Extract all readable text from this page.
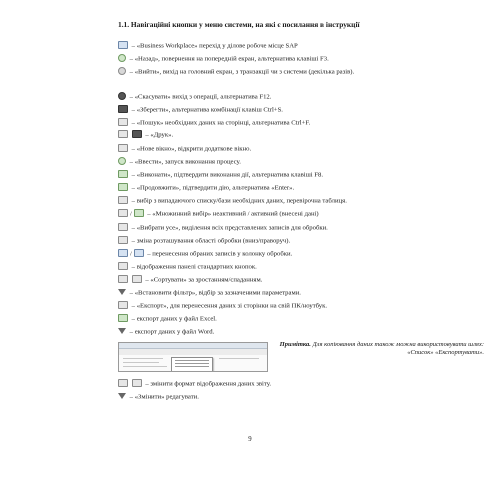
1.1. Навігаційні кнопки у меню системи, на які є посилання в інструкції
– «Business Workplace» перехід у ділове робоче місце SAP
– «Назад», повернення на попередній екран, альтернатива клавіші F3.
– «Вийти», вихід на головний екран, з транзакції чи з системи (декілька разів).
– «Скасувати» вихід з операції, альтернатива F12.
– «Зберегти», альтернатива комбінації клавіш Ctrl+S.
– «Пошук» необхідних даних на сторінці, альтернатива Ctrl+F.
– «Друк».
– «Нове вікно», відкрити додаткове вікно.
– «Ввести», запуск виконання процесу.
– «Виконати», підтвердити виконання дії, альтернатива клавіші F8.
– «Продовжити», підтвердити дію, альтернатива «Enter».
– вибір з випадаючого списку/бази необхідних даних, перевірочна таблиця.
/  – «Множинний вибір» неактивний / активний (внесені дані)
– «Вибрати усе», виділення всіх представлених записів для обробки.
– зміна розташування області обробки (вниз/праворуч).
/  – перенесення обраних записів у колонку обробки.
– відображення панелі стандартних кнопок.
– «Сортувати» за зростанням/спаданням.
– «Встановити фільтр», відбір за зазначеними параметрами.
– «Експорт», для перенесення даних зі сторінки на свій ПК/ноутбук.
– експорт даних у файл Excel.
– експорт даних у файл Word.
Примітка. Для копіювання даних також можна використовувати шлях: «Список» «Експортувати».
– змінити формат відображення даних звіту.
– «Змінити» редагувати.
9
